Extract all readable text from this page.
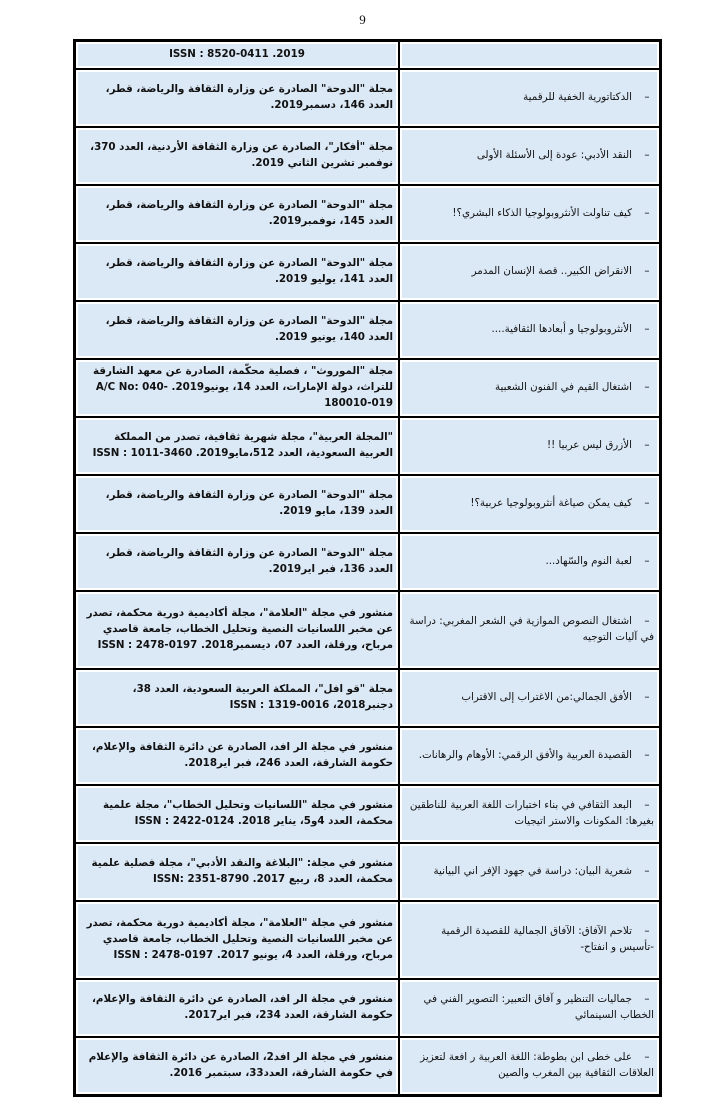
9
	ISSN : 8520-0411 .2019
–الدكتاتورية الخفية للرقمية	مجلة "الدوحة" الصادرة عن وزارة الثقافة والرياضة، قطر، العدد 146، دسمبر2019.
–النقد الأدبي: عودة إلى الأسئلة الأولى	مجلة "أفكار"، الصادرة عن وزارة الثقافة الأردنية، العدد 370، نوفمبر تشرين الثاني 2019.
–كيف تناولت الأنثروبولوجيا الذكاء البشري؟!	مجلة "الدوحة" الصادرة عن وزارة الثقافة والرياضة، قطر، العدد 145، نوفمبر2019.
–الانقراض الكبير.. قصة الإنسان المدمر	مجلة "الدوحة" الصادرة عن وزارة الثقافة والرياضة، قطر، العدد 141، يوليو 2019.
–الأنثروبولوجيا و أبعادها الثقافية....	مجلة "الدوحة" الصادرة عن وزارة الثقافة والرياضة، قطر، العدد 140، يونيو 2019.
–اشتغال القيم في الفنون الشعبية	مجلة "الموروث" ، فصلية محكّمة، الصادرة عن معهد الشارقة للتراث، دولة الإمارات، العدد 14، يونيو2019. A/C No: 040-180010-019
–الأزرق ليس عربيا !!	"المجلة العربية"، مجلة شهرية ثقافية، تصدر من المملكة العربية السعودية، العدد 512،مايو2019. ISSN : 1011-3460
–كيف يمكن صياغة أنثروبولوجيا عربية؟!	مجلة "الدوحة" الصادرة عن وزارة الثقافة والرياضة، قطر، العدد 139، مايو 2019.
–لعبة النوم والسّهاد...	مجلة "الدوحة" الصادرة عن وزارة الثقافة والرياضة، قطر، العدد 136، فبر اير2019.
–اشتغال النصوص الموازية في الشعر المغربي: دراسة في آليات التوجيه	منشور في مجلة "العلامة"، مجلة أكاديمية دورية محكمة، تصدر عن مخبر اللسانيات النصية وتحليل الخطاب، جامعة قاصدي مرباح، ورقلة، العدد 07، ديسمبر2018. ISSN : 2478-0197
–الأفق الجمالي:من الاغتراب إلى الاقتراب	مجلة "قو افل"، المملكة العربية السعودية، العدد 38، دجنبر2018، ISSN : 1319-0016
–القصيدة العربية والأفق الرقمي: الأوهام والرهانات.	منشور في مجلة الر افد، الصادرة عن دائرة الثقافة والإعلام، حكومة الشارقة، العدد 246، فبر اير2018.
–البعد الثقافي في بناء اختبارات اللغة العربية للناطقين بغيرها: المكونات والاستر اتيجيات	منشور في مجلة "اللسانيات وتحليل الخطاب"، مجلة علمية محكمة، العدد 4و5، يناير 2018. ISSN : 2422-0124
–شعرية البيان: دراسة في جهود الإفر اني البيانية	منشور في مجلة: "البلاغة والنقد الأدبي"، مجلة فصلية علمية محكمة، العدد 8، ربيع 2017. ISSN: 2351-8790
–تلاحم الآفاق: الآفاق الجمالية للقصيدة الرقمية -تأسيس و انفتاح-	منشور في مجلة "العلامة"، مجلة أكاديمية دورية محكمة، تصدر عن مخبر اللسانيات النصية وتحليل الخطاب، جامعة قاصدي مرباح، ورقلة، العدد 4، يونيو 2017. ISSN : 2478-0197
–جماليات التنظير و آفاق التعبير: التصوير الفني في الخطاب السينمائي	منشور في مجلة الر افد، الصادرة عن دائرة الثقافة والإعلام، حكومة الشارقة، العدد 234، فبر اير2017.
–على خطى ابن بطوطة: اللغة العربية ر افعة لتعزيز العلاقات الثقافية بين المغرب والصين	منشور في مجلة الر افد2، الصادرة عن دائرة الثقافة والإعلام في حكومة الشارقة، العدد33، سبتمبر 2016.
